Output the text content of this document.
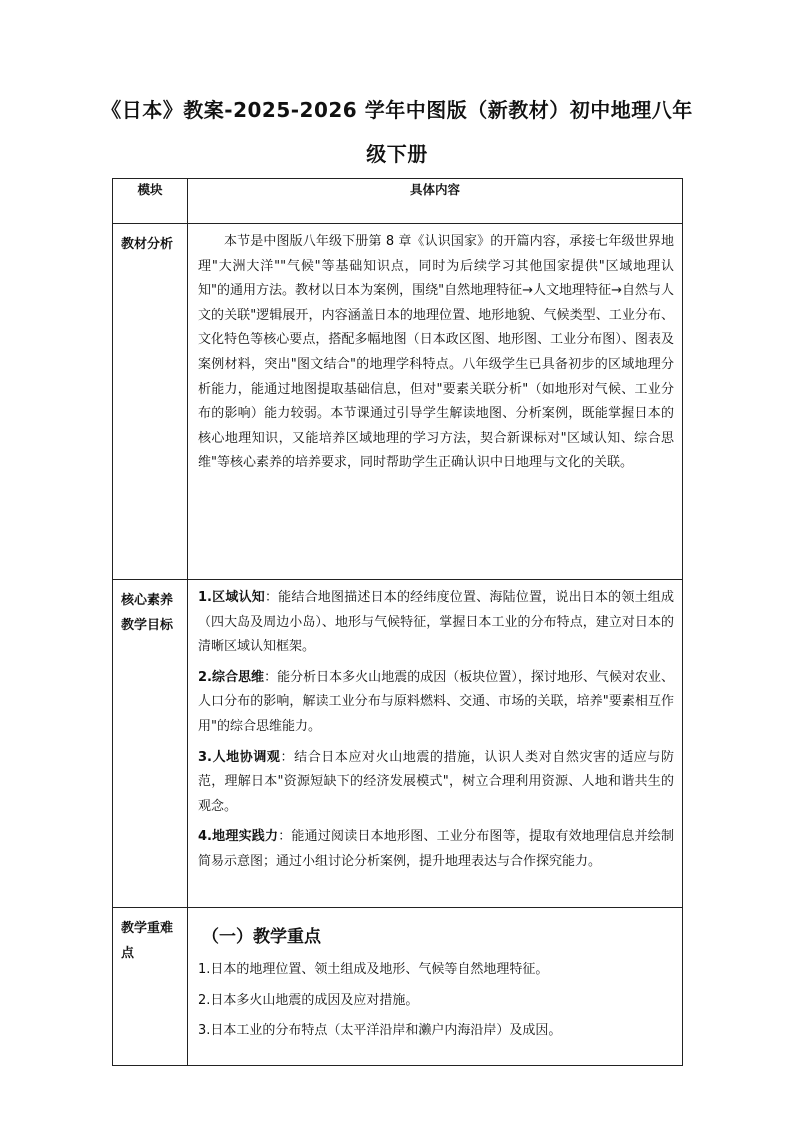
《日本》教案-2025-2026 学年中图版（新教材）初中地理八年级下册
模块	具体内容
教材分析	本节是中图版八年级下册第 8 章《认识国家》的开篇内容，承接七年级世界地理"大洲大洋""气候"等基础知识点，同时为后续学习其他国家提供"区域地理认知"的通用方法。教材以日本为案例，围绕"自然地理特征→人文地理特征→自然与人文的关联"逻辑展开，内容涵盖日本的地理位置、地形地貌、气候类型、工业分布、文化特色等核心要点，搭配多幅地图（日本政区图、地形图、工业分布图）、图表及案例材料，突出"图文结合"的地理学科特点。八年级学生已具备初步的区域地理分析能力，能通过地图提取基础信息，但对"要素关联分析"（如地形对气候、工业分布的影响）能力较弱。本节课通过引导学生解读地图、分析案例，既能掌握日本的核心地理知识，又能培养区域地理的学习方法，契合新课标对"区域认知、综合思维"等核心素养的培养要求，同时帮助学生正确认识中日地理与文化的关联。

核心素养教学目标	1.区域认知：能结合地图描述日本的经纬度位置、海陆位置，说出日本的领土组成（四大岛及周边小岛）、地形与气候特征，掌握日本工业的分布特点，建立对日本的清晰区域认知框架。

2.综合思维：能分析日本多火山地震的成因（板块位置），探讨地形、气候对农业、人口分布的影响，解读工业分布与原料燃料、交通、市场的关联，培养"要素相互作用"的综合思维能力。

3.人地协调观：结合日本应对火山地震的措施，认识人类对自然灾害的适应与防范，理解日本"资源短缺下的经济发展模式"，树立合理利用资源、人地和谐共生的观念。

4.地理实践力：能通过阅读日本地形图、工业分布图等，提取有效地理信息并绘制简易示意图；通过小组讨论分析案例，提升地理表达与合作探究能力。

教学重难点	（一）教学重点

1.日本的地理位置、领土组成及地形、气候等自然地理特征。

2.日本多火山地震的成因及应对措施。

3.日本工业的分布特点（太平洋沿岸和濑户内海沿岸）及成因。
